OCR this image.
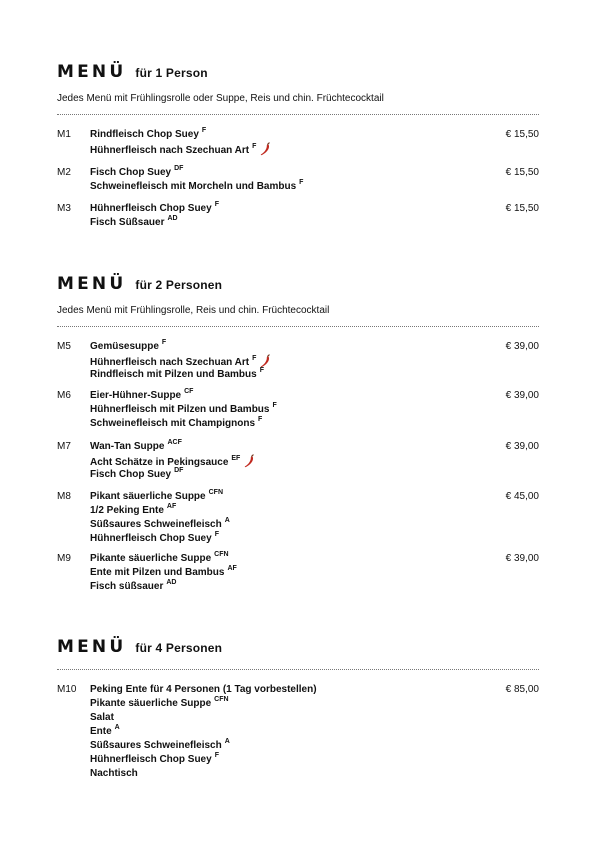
MENÜ für 1 Person
Jedes Menü mit Frühlingsrolle oder Suppe, Reis und chin. Früchtecocktail
M1 Rindfleisch Chop Suey $^F$
Hühnerfleisch nach Szechuan Art $^F$
€ 15,50
M2 Fisch Chop Suey $^{DF}$
Schweinefleisch mit Morcheln und Bambus $^F$
€ 15,50
M3 Hühnerfleisch Chop Suey $^F$
Fisch Süßsauer $^{AD}$
€ 15,50
MENÜ für 2 Personen
Jedes Menü mit Frühlingsrolle, Reis und chin. Früchtecocktail
M5 Gemüsesuppe $^F$
Hühnerfleisch nach Szechuan Art $^F$
Rindfleisch mit Pilzen und Bambus $^F$
€ 39,00
M6 Eier-Hühner-Suppe $^{CF}$
Hühnerfleisch mit Pilzen und Bambus $^F$
Schweinefleisch mit Champignons $^F$
€ 39,00
M7 Wan-Tan Suppe $^{ACF}$
Acht Schätze in Pekingsauce $^{EF}$
Fisch Chop Suey $^{DF}$
€ 39,00
M8 Pikant säuerliche Suppe $^{CFN}$
1/2 Peking Ente $^{AF}$
Süßsaures Schweinefleisch $^A$
Hühnerfleisch Chop Suey $^F$
€ 45,00
M9 Pikante säuerliche Suppe $^{CFN}$
Ente mit Pilzen und Bambus $^{AF}$
Fisch süßsauer $^{AD}$
€ 39,00
MENÜ für 4 Personen
M10 Peking Ente für 4 Personen (1 Tag vorbestellen)
Pikante säuerliche Suppe $^{CFN}$
Salat
Ente $^A$
Süßsaures Schweinefleisch $^A$
Hühnerfleisch Chop Suey $^F$
Nachtisch
€ 85,00
